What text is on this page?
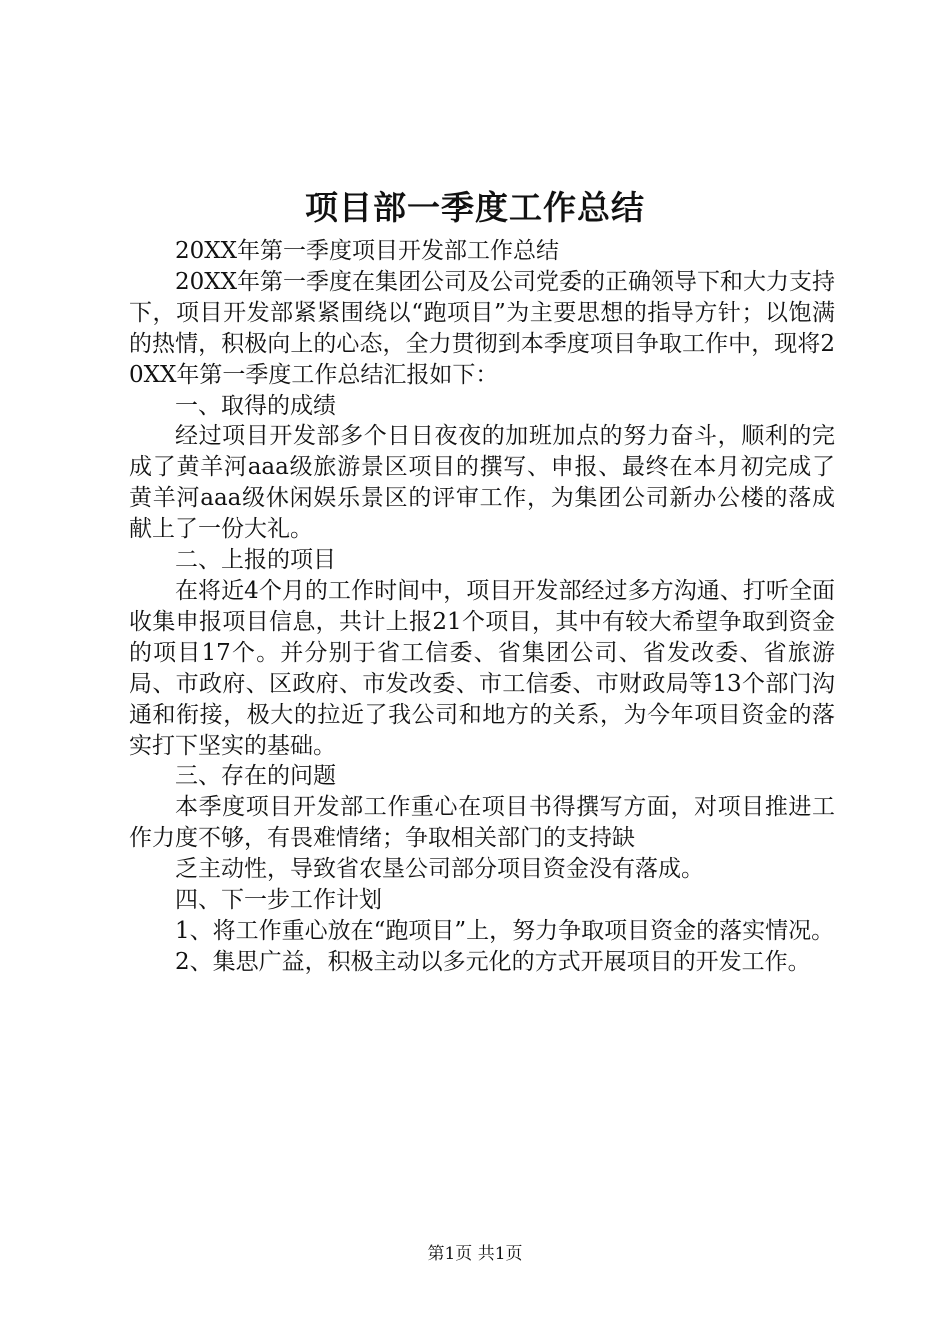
项目部一季度工作总结

20XX年第一季度项目开发部工作总结

20XX年第一季度在集团公司及公司党委的正确领导下和大力支持下，项目开发部紧紧围绕以“跑项目”为主要思想的指导方针；以饱满的热情，积极向上的心态，全力贯彻到本季度项目争取工作中，现将20XX年第一季度工作总结汇报如下：

一、取得的成绩

经过项目开发部多个日日夜夜的加班加点的努力奋斗，顺利的完成了黄羊河aaa级旅游景区项目的撰写、申报、最终在本月初完成了黄羊河aaa级休闲娱乐景区的评审工作，为集团公司新办公楼的落成献上了一份大礼。

二、上报的项目

在将近4个月的工作时间中，项目开发部经过多方沟通、打听全面收集申报项目信息，共计上报21个项目，其中有较大希望争取到资金的项目17个。并分别于省工信委、省集团公司、省发改委、省旅游局、市政府、区政府、市发改委、市工信委、市财政局等13个部门沟通和衔接，极大的拉近了我公司和地方的关系，为今年项目资金的落实打下坚实的基础。

三、存在的问题

本季度项目开发部工作重心在项目书得撰写方面，对项目推进工作力度不够，有畏难情绪；争取相关部门的支持缺

乏主动性，导致省农垦公司部分项目资金没有落成。

四、下一步工作计划

1、将工作重心放在“跑项目”上，努力争取项目资金的落实情况。

2、集思广益，积极主动以多元化的方式开展项目的开发工作。

第1页 共1页
